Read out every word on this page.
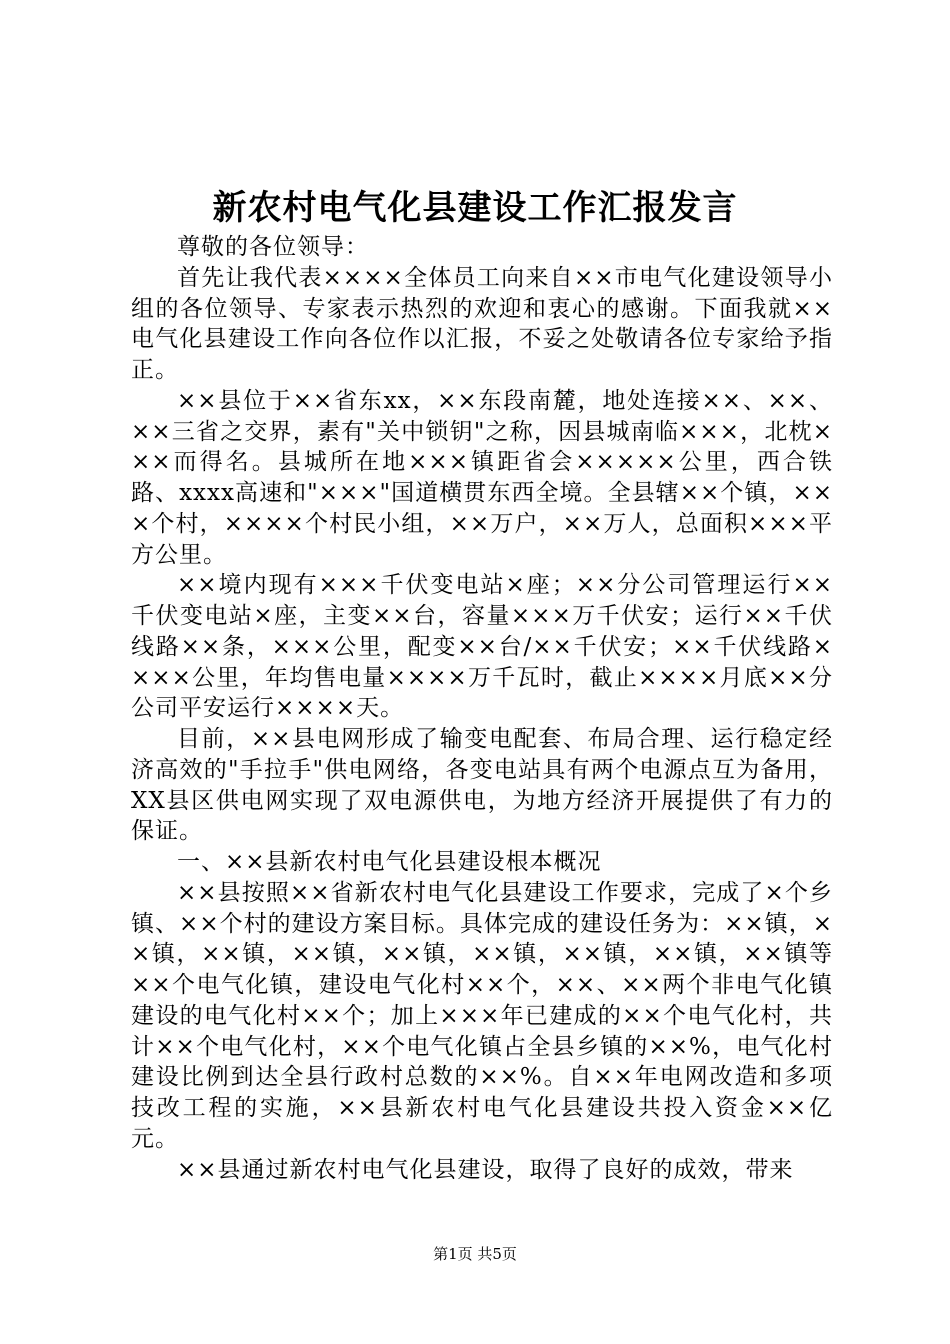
新农村电气化县建设工作汇报发言

尊敬的各位领导：

首先让我代表××××全体员工向来自××市电气化建设领导小组的各位领导、专家表示热烈的欢迎和衷心的感谢。下面我就××电气化县建设工作向各位作以汇报，不妥之处敬请各位专家给予指正。

××县位于××省东xx，××东段南麓，地处连接××、××、××三省之交界，素有"关中锁钥"之称，因县城南临×××，北枕×××而得名。县城所在地×××镇距省会×××××公里，西合铁路、xxxx高速和"×××"国道横贯东西全境。全县辖××个镇，×××个村，××××个村民小组，××万户，××万人，总面积×××平方公里。

××境内现有×××千伏变电站×座；××分公司管理运行××千伏变电站×座，主变××台，容量×××万千伏安；运行××千伏线路××条，×××公里，配变××台/××千伏安；××千伏线路××××公里，年均售电量××××万千瓦时，截止××××月底××分公司平安运行××××天。

目前，××县电网形成了输变电配套、布局合理、运行稳定经济高效的"手拉手"供电网络，各变电站具有两个电源点互为备用，XX县区供电网实现了双电源供电，为地方经济开展提供了有力的保证。

一、××县新农村电气化县建设根本概况

××县按照××省新农村电气化县建设工作要求，完成了×个乡镇、××个村的建设方案目标。具体完成的建设任务为：××镇，××镇，××镇，××镇，××镇，××镇，××镇，××镇，××镇等××个电气化镇，建设电气化村××个，××、××两个非电气化镇建设的电气化村××个；加上×××年已建成的××个电气化村，共计××个电气化村，××个电气化镇占全县乡镇的××%，电气化村建设比例到达全县行政村总数的××%。自××年电网改造和多项技改工程的实施，××县新农村电气化县建设共投入资金××亿元。

××县通过新农村电气化县建设，取得了良好的成效，带来

第1页 共5页
